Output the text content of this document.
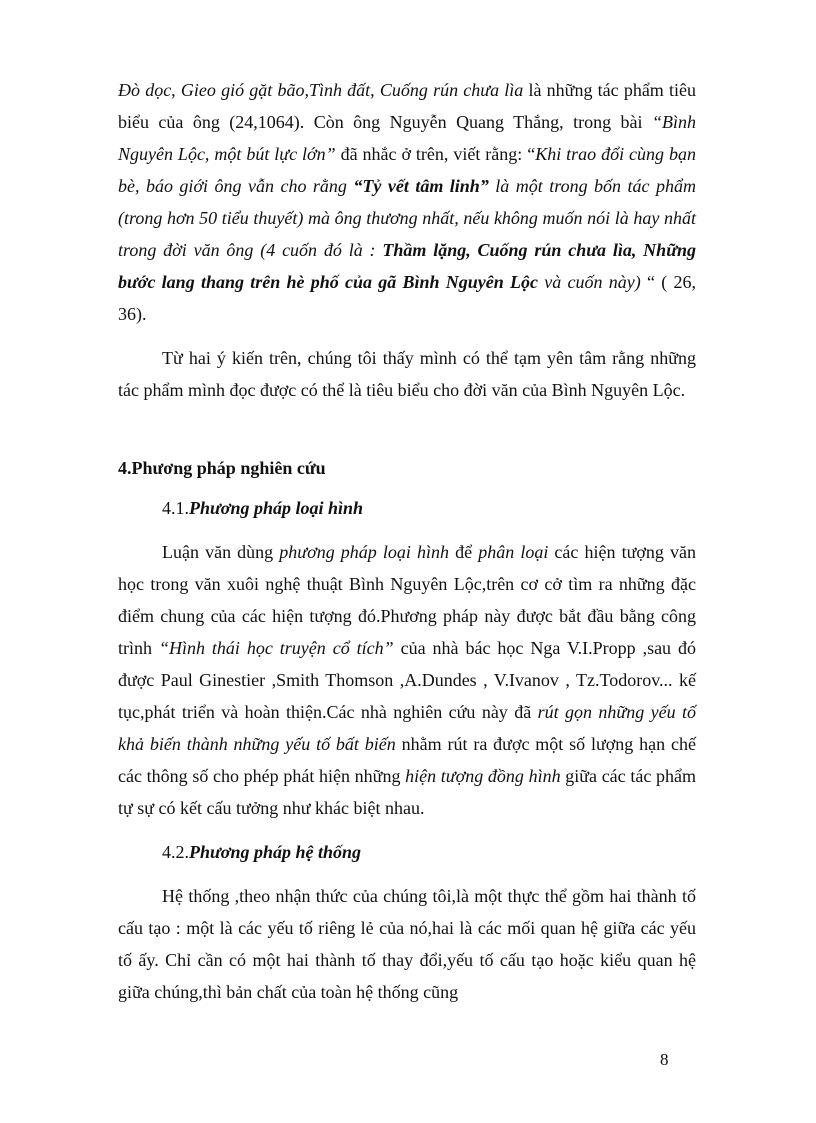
Đò dọc, Gieo gió gặt bão,Tình đất, Cuống rún chưa lìa là những tác phẩm tiêu biểu của ông (24,1064). Còn ông Nguyễn Quang Thắng, trong bài “Bình Nguyên Lộc, một bút lực lớn” đã nhắc ở trên, viết rằng: “Khi trao đổi cùng bạn bè, báo giới ông vẫn cho rằng “Tỷ vết tâm linh” là một trong bốn tác phẩm (trong hơn 50 tiểu thuyết) mà ông thương nhất, nếu không muốn nói là hay nhất trong đời văn ông (4 cuốn đó là : Thầm lặng, Cuống rún chưa lìa, Những bước lang thang trên hè phố của gã Bình Nguyên Lộc và cuốn này) “ ( 26, 36).

Từ hai ý kiến trên, chúng tôi thấy mình có thể tạm yên tâm rằng những tác phẩm mình đọc được có thể là tiêu biểu cho đời văn của Bình Nguyên Lộc.

4.Phương pháp nghiên cứu

4.1.Phương pháp loại hình

Luận văn dùng phương pháp loại hình để phân loại các hiện tượng văn học trong văn xuôi nghệ thuật Bình Nguyên Lộc,trên cơ cở tìm ra những đặc điểm chung của các hiện tượng đó.Phương pháp này được bắt đầu bằng công trình “Hình thái học truyện cổ tích” của nhà bác học Nga V.I.Propp ,sau đó được Paul Ginestier ,Smith Thomson ,A.Dundes , V.Ivanov , Tz.Todorov... kế tục,phát triển và hoàn thiện.Các nhà nghiên cứu này đã rút gọn những yếu tố khả biến thành những yếu tố bất biến nhằm rút ra được một số lượng hạn chế các thông số cho phép phát hiện những hiện tượng đồng hình giữa các tác phẩm tự sự có kết cấu tưởng như khác biệt nhau.

4.2.Phương pháp hệ thống

Hệ thống ,theo nhận thức của chúng tôi,là một thực thể gồm hai thành tố cấu tạo : một là các yếu tố riêng lẻ của nó,hai là các mối quan hệ giữa các yếu tố ấy. Chỉ cần có một hai thành tố thay đổi,yếu tố cấu tạo hoặc kiểu quan hệ giữa chúng,thì bản chất của toàn hệ thống cũng

8
